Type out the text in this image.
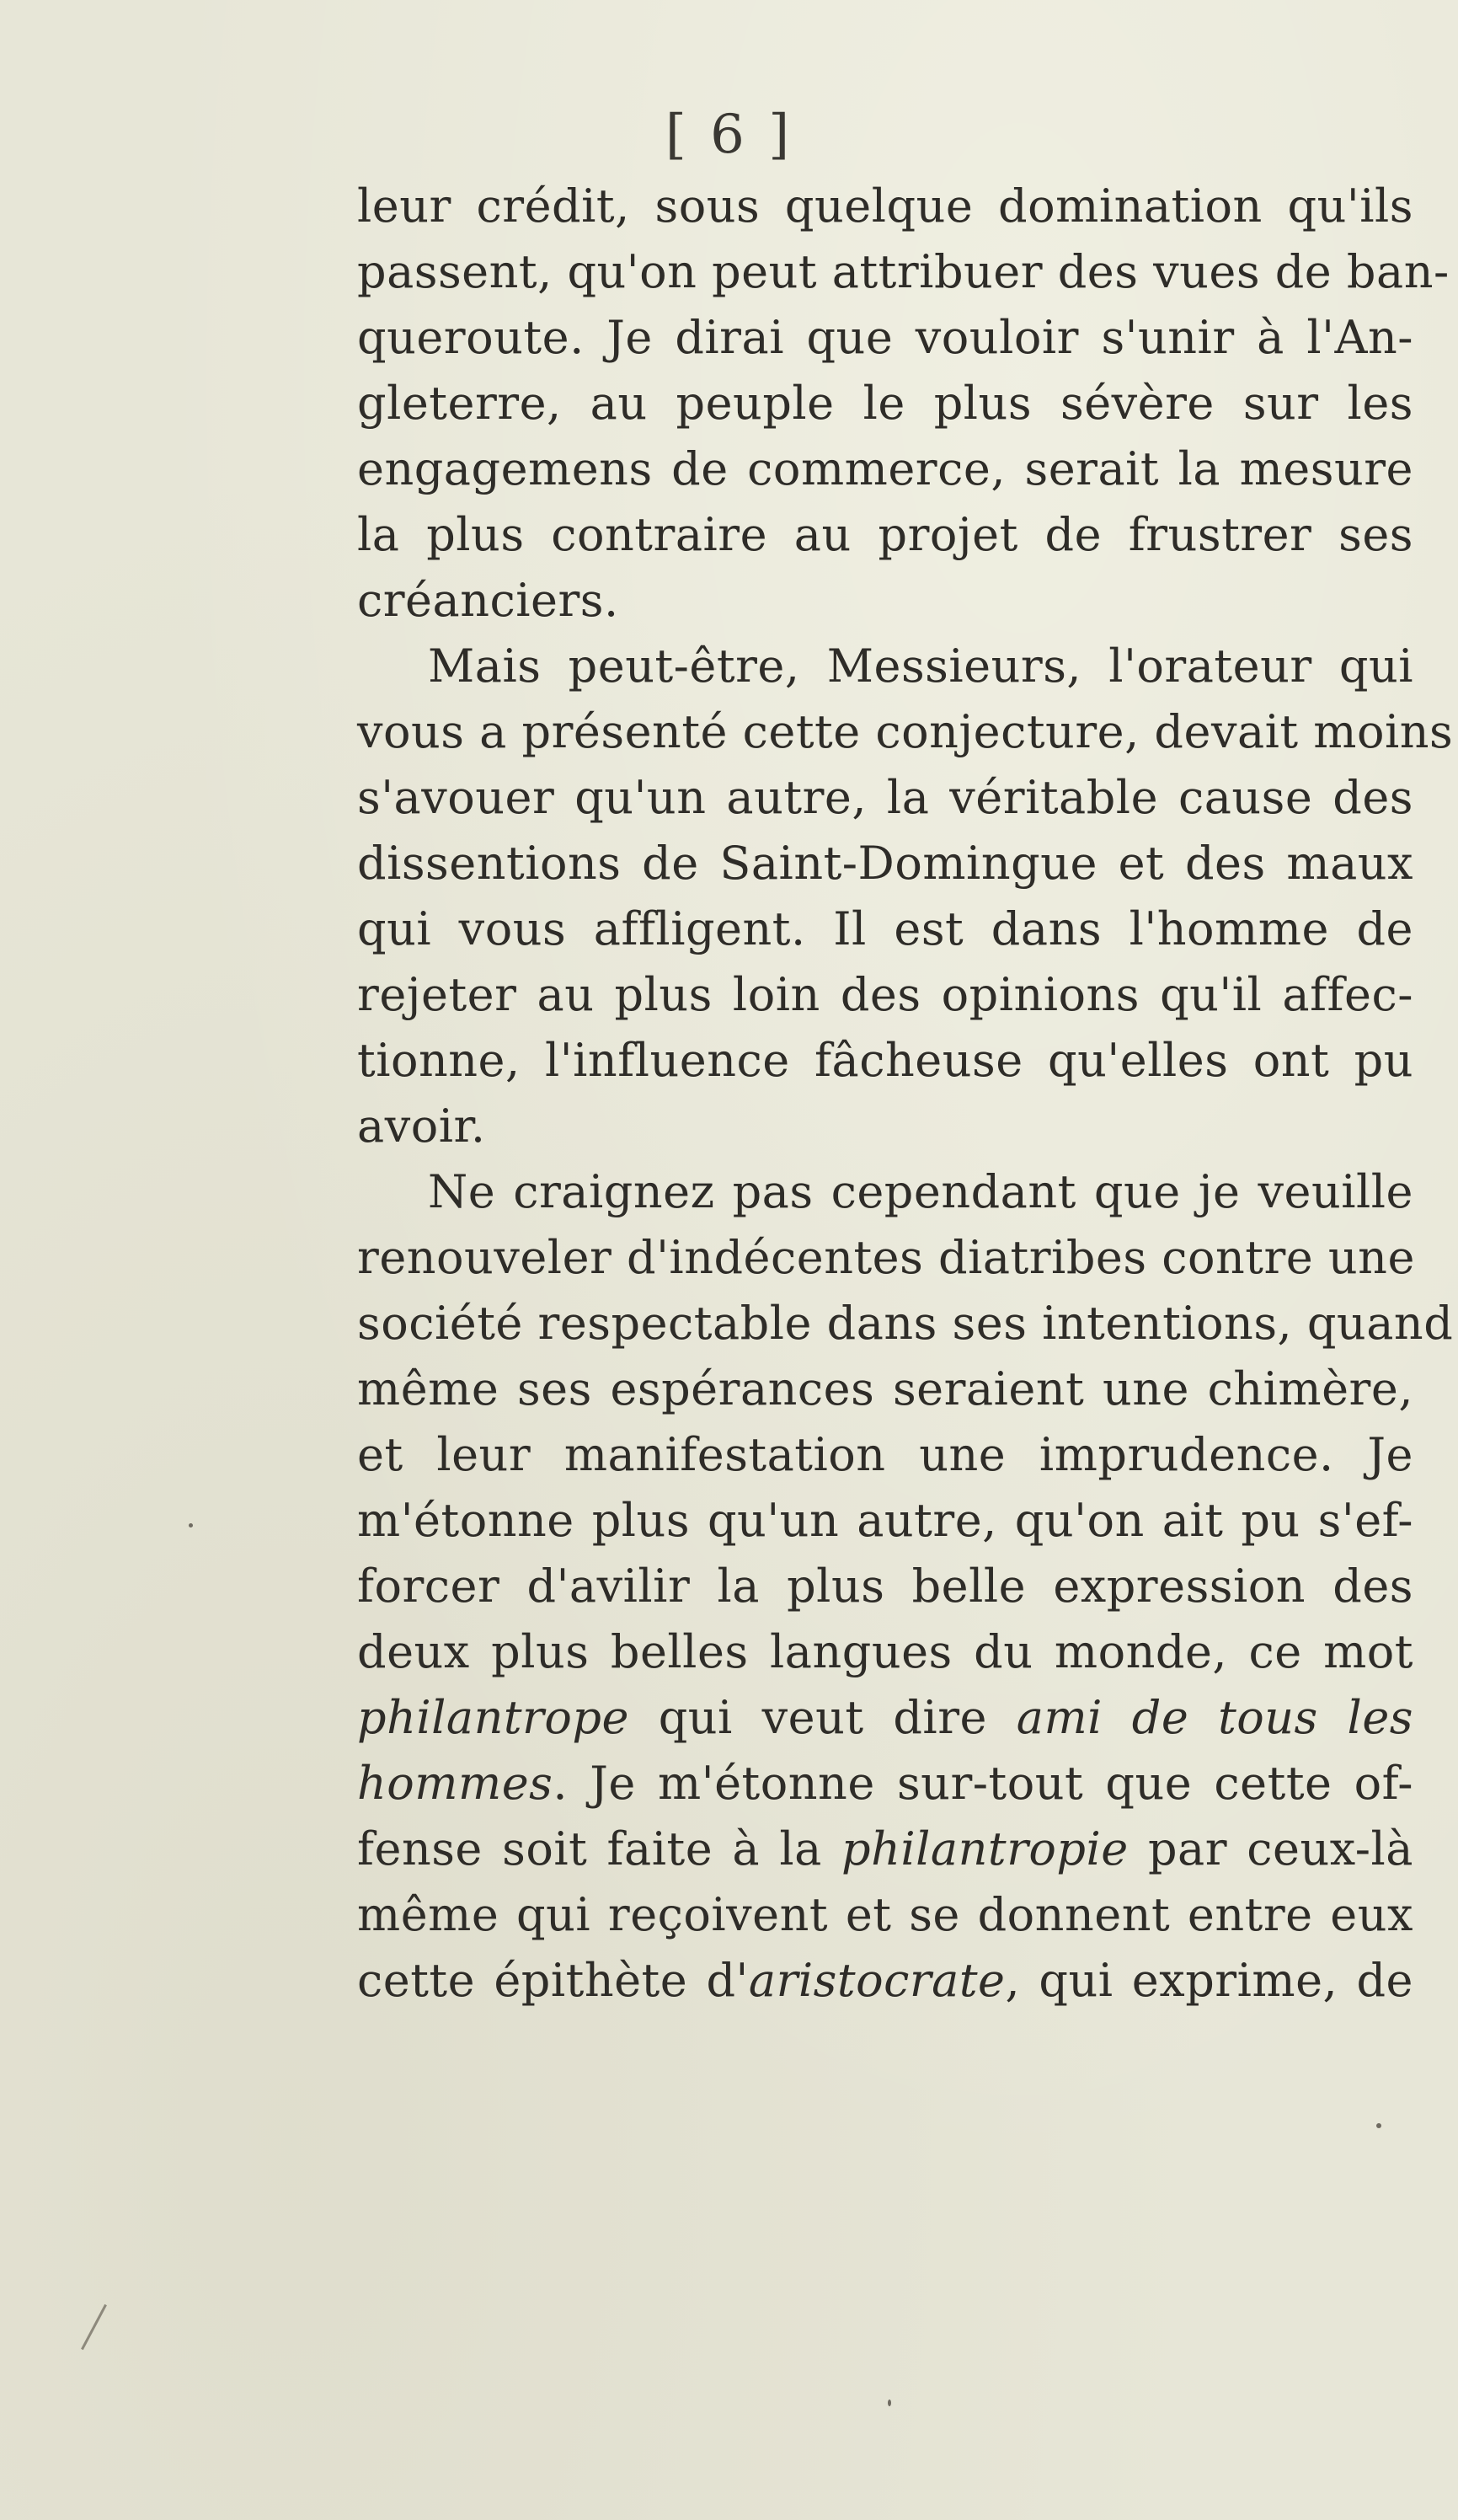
[ 6 ]
leur crédit, sous quelque domination qu'ils
passent, qu'on peut attribuer des vues de ban-
queroute. Je dirai que vouloir s'unir à l'An-
gleterre, au peuple le plus sévère sur les
engagemens de commerce, serait la mesure
la plus contraire au projet de frustrer ses
créanciers.
Mais peut-être, Messieurs, l'orateur qui
vous a présenté cette conjecture, devait moins
s'avouer qu'un autre, la véritable cause des
dissentions de Saint-Domingue et des maux
qui vous affligent. Il est dans l'homme de
rejeter au plus loin des opinions qu'il affec-
tionne, l'influence fâcheuse qu'elles ont pu
avoir.
Ne craignez pas cependant que je veuille
renouveler d'indécentes diatribes contre une
société respectable dans ses intentions, quand
même ses espérances seraient une chimère,
et leur manifestation une imprudence. Je
m'étonne plus qu'un autre, qu'on ait pu s'ef-
forcer d'avilir la plus belle expression des
deux plus belles langues du monde, ce mot
philantrope qui veut dire ami de tous les
hommes. Je m'étonne sur-tout que cette of-
fense soit faite à la philantropie par ceux-là
même qui reçoivent et se donnent entre eux
cette épithète d'aristocrate, qui exprime, de
